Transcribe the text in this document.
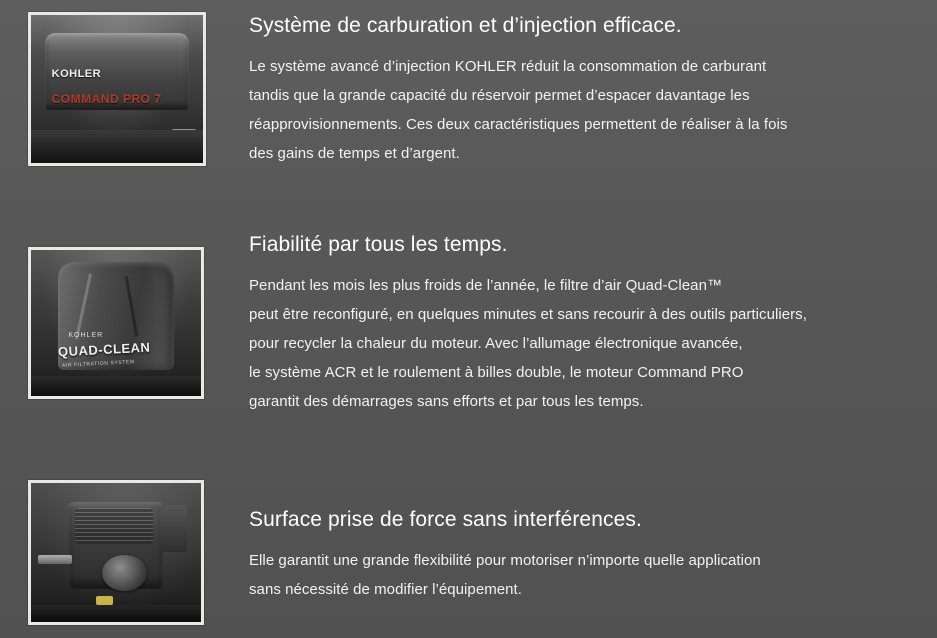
KOHLER
COMMAND PRO 7
Système de carburation et d’injection efficace.

Le système avancé d’injection KOHLER réduit la consommation de carburant
tandis que la grande capacité du réservoir permet d’espacer davantage les
réapprovisionnements. Ces deux caractéristiques permettent de réaliser à la fois
des gains de temps et d’argent.

KOHLER
QUAD-CLEAN
AIR FILTRATION SYSTEM
Fiabilité par tous les temps.

Pendant les mois les plus froids de l’année, le filtre d’air Quad-Clean™
peut être reconfiguré, en quelques minutes et sans recourir à des outils particuliers,
pour recycler la chaleur du moteur. Avec l’allumage électronique avancée,
le système ACR et le roulement à billes double, le moteur Command PRO
garantit des démarrages sans efforts et par tous les temps.

Surface prise de force sans interférences.

Elle garantit une grande flexibilité pour motoriser n’importe quelle application
sans nécessité de modifier l’équipement.
